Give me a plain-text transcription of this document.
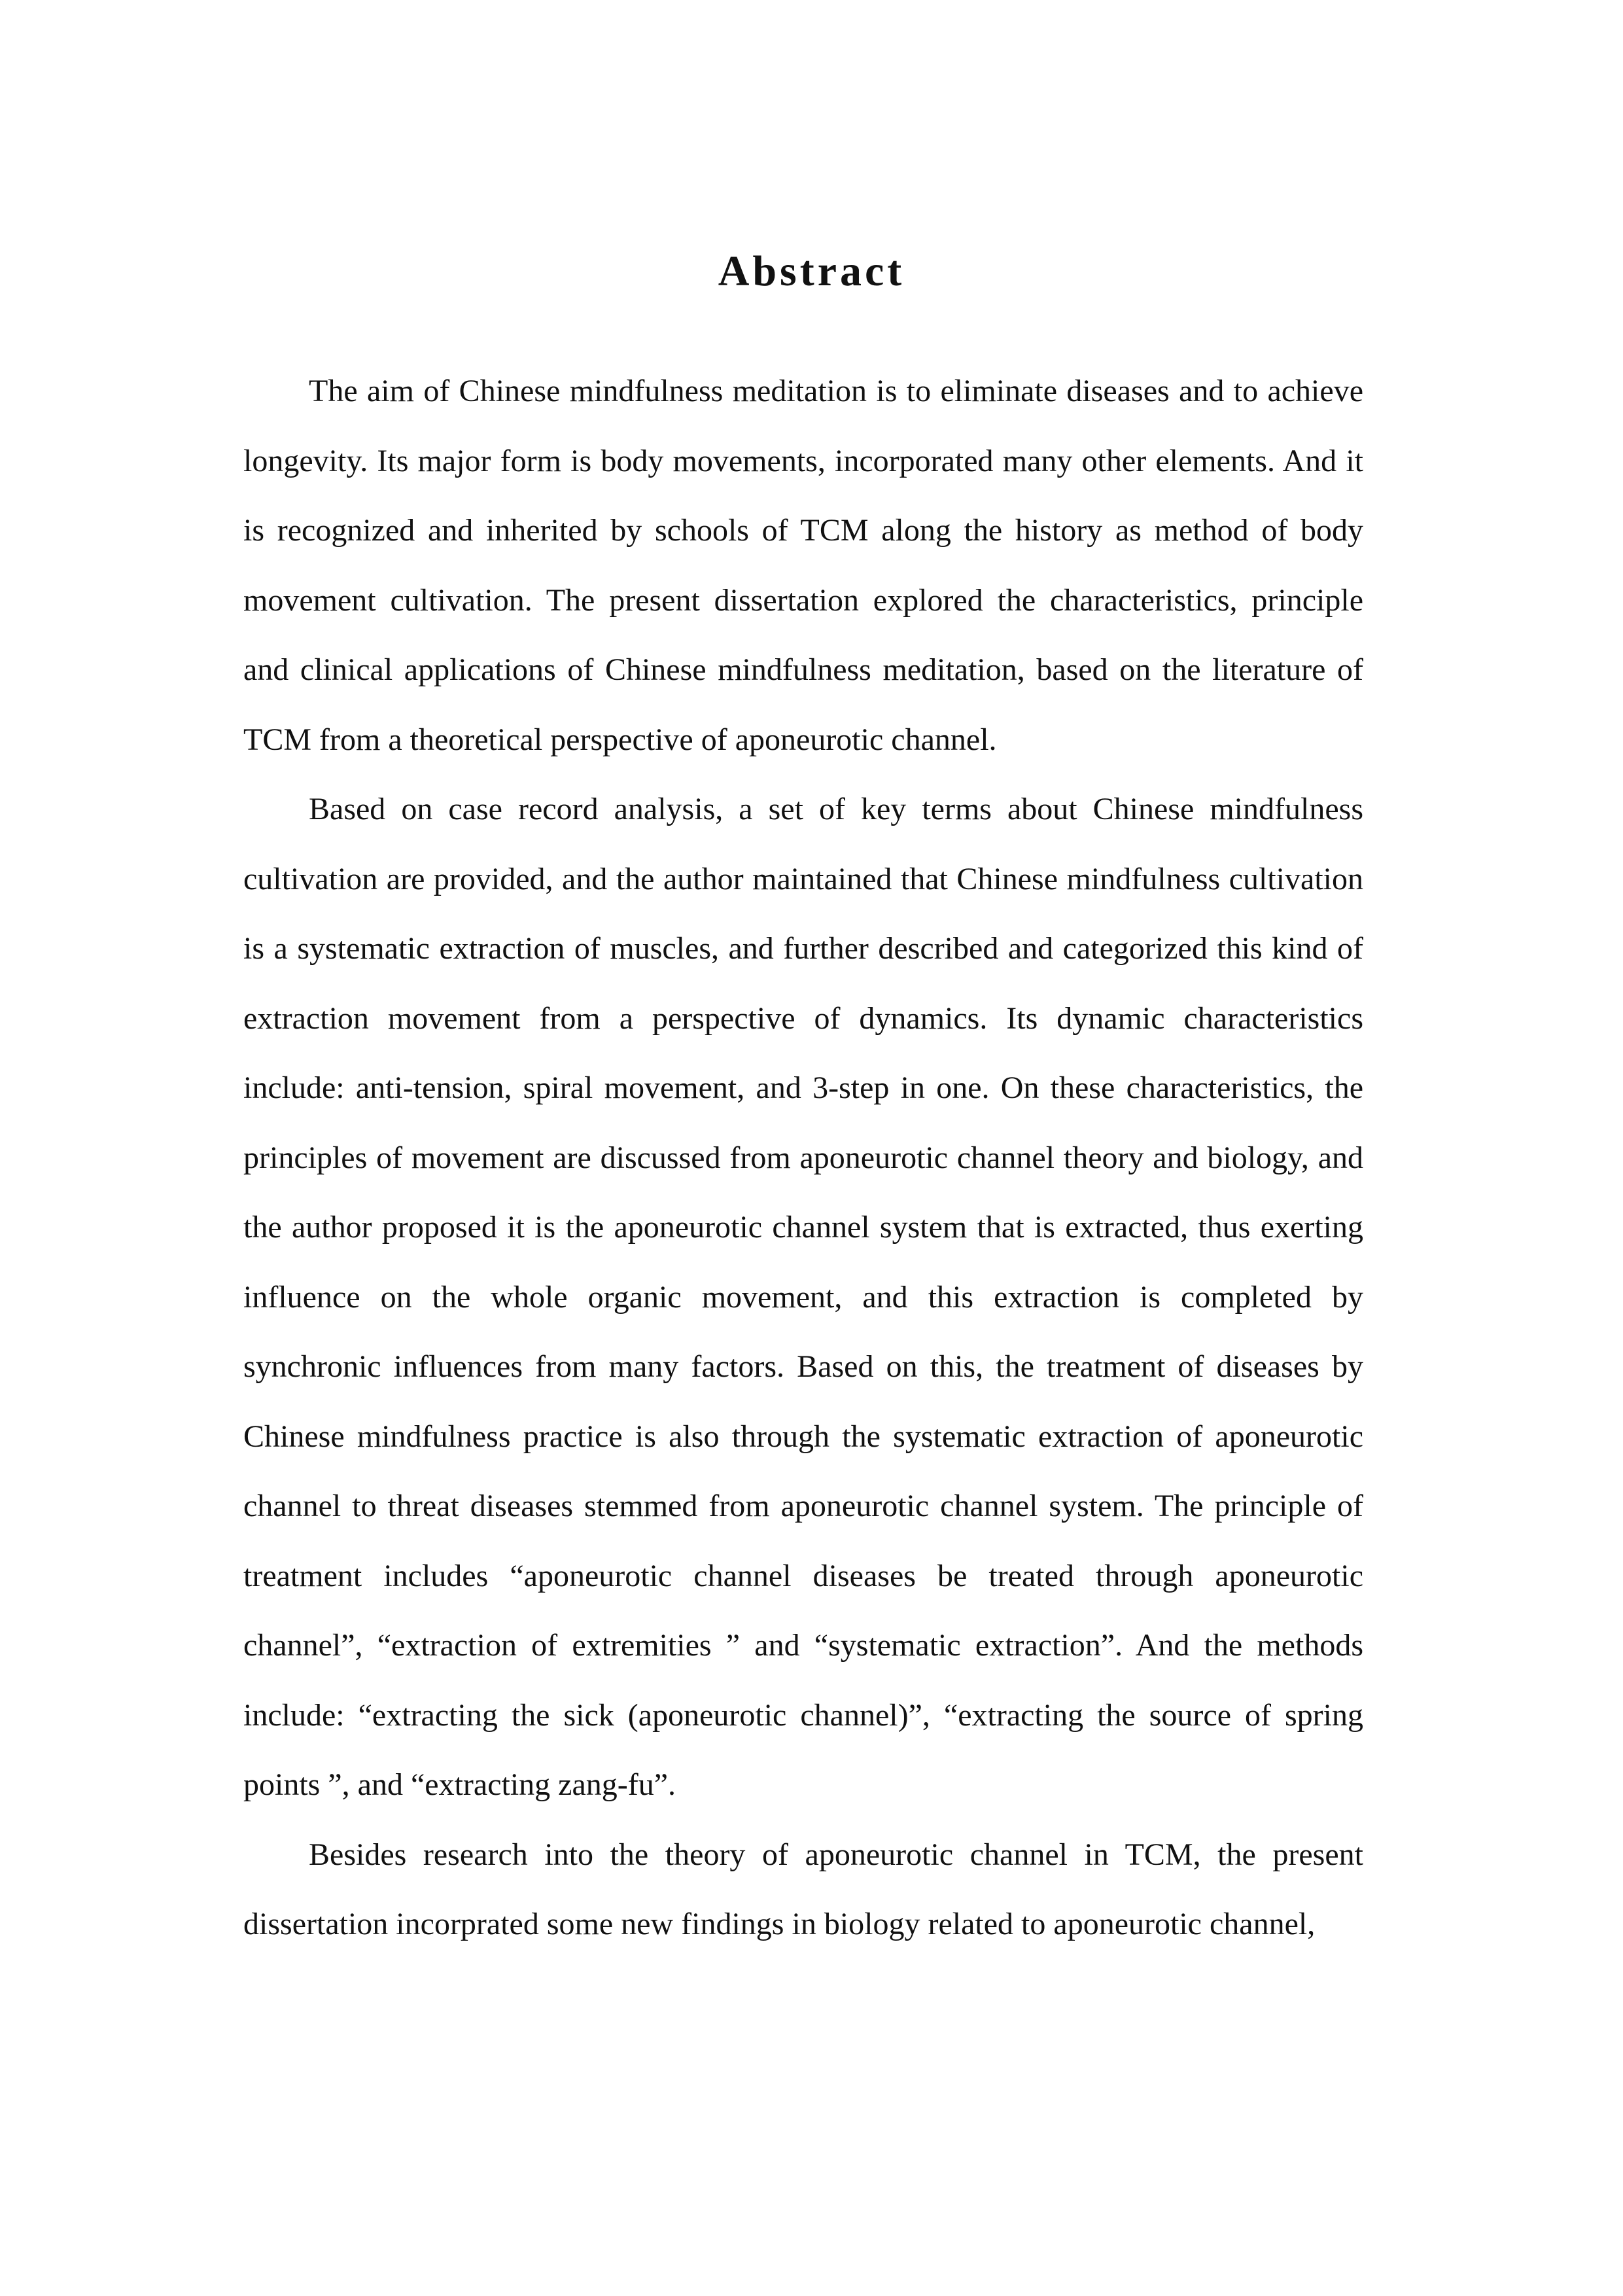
Abstract

The aim of Chinese mindfulness meditation is to eliminate diseases and to achieve longevity. Its major form is body movements, incorporated many other elements. And it is recognized and inherited by schools of TCM along the history as method of body movement cultivation. The present dissertation explored the characteristics, principle and clinical applications of Chinese mindfulness meditation, based on the literature of TCM from a theoretical perspective of aponeurotic channel.

Based on case record analysis, a set of key terms about Chinese mindfulness cultivation are provided, and the author maintained that Chinese mindfulness cultivation is a systematic extraction of muscles, and further described and categorized this kind of extraction movement from a perspective of dynamics. Its dynamic characteristics include: anti-tension, spiral movement, and 3-step in one. On these characteristics, the principles of movement are discussed from aponeurotic channel theory and biology, and the author proposed it is the aponeurotic channel system that is extracted, thus exerting influence on the whole organic movement, and this extraction is completed by synchronic influences from many factors. Based on this, the treatment of diseases by Chinese mindfulness practice is also through the systematic extraction of aponeurotic channel to threat diseases stemmed from aponeurotic channel system. The principle of treatment includes “aponeurotic channel diseases be treated through aponeurotic channel”, “extraction of extremities ” and “systematic extraction”. And the methods include: “extracting the sick (aponeurotic channel)”, “extracting the source of spring points ”, and “extracting zang-fu”.

Besides research into the theory of aponeurotic channel in TCM, the present dissertation incorprated some new findings in biology related to aponeurotic channel,
